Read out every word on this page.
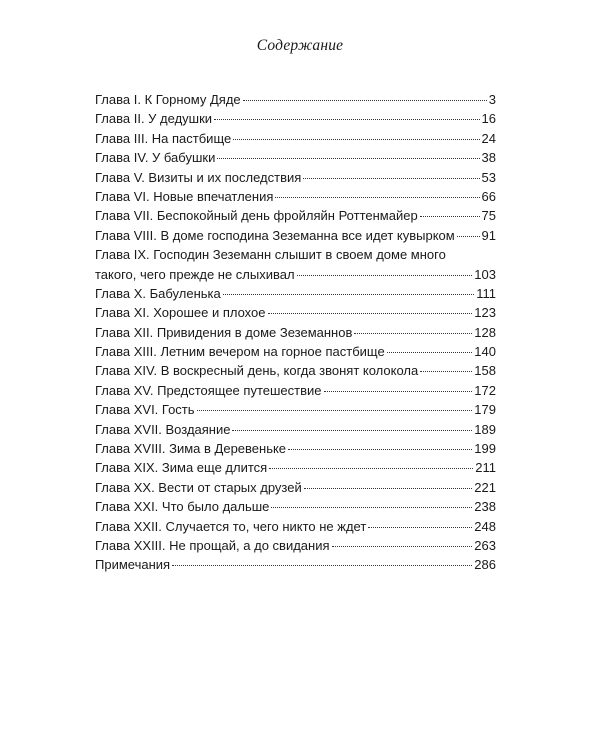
Содержание
Глава I. К Горному Дяде	3
Глава II. У дедушки	16
Глава III. На пастбище	24
Глава IV. У бабушки	38
Глава V. Визиты и их последствия	53
Глава VI. Новые впечатления	66
Глава VII. Беспокойный день фройляйн Роттенмайер	75
Глава VIII. В доме господина Зеземанна все идет кувырком 91
Глава IX. Господин Зеземанн слышит в своем доме много
такого, чего прежде не слыхивал	103
Глава X. Бабуленька	111
Глава XI. Хорошее и плохое	123
Глава XII. Привидения в доме Зеземаннов	128
Глава XIII. Летним вечером на горное пастбище	140
Глава XIV. В воскресный день, когда звонят колокола	158
Глава XV. Предстоящее путешествие	172
Глава XVI. Гость	179
Глава XVII. Воздаяние	189
Глава XVIII. Зима в Деревеньке	199
Глава XIX. Зима еще длится	211
Глава XX. Вести от старых друзей	221
Глава XXI. Что было дальше	238
Глава XXII. Случается то, чего никто не ждет	248
Глава XXIII. Не прощай, а до свидания	263
Примечания	286
